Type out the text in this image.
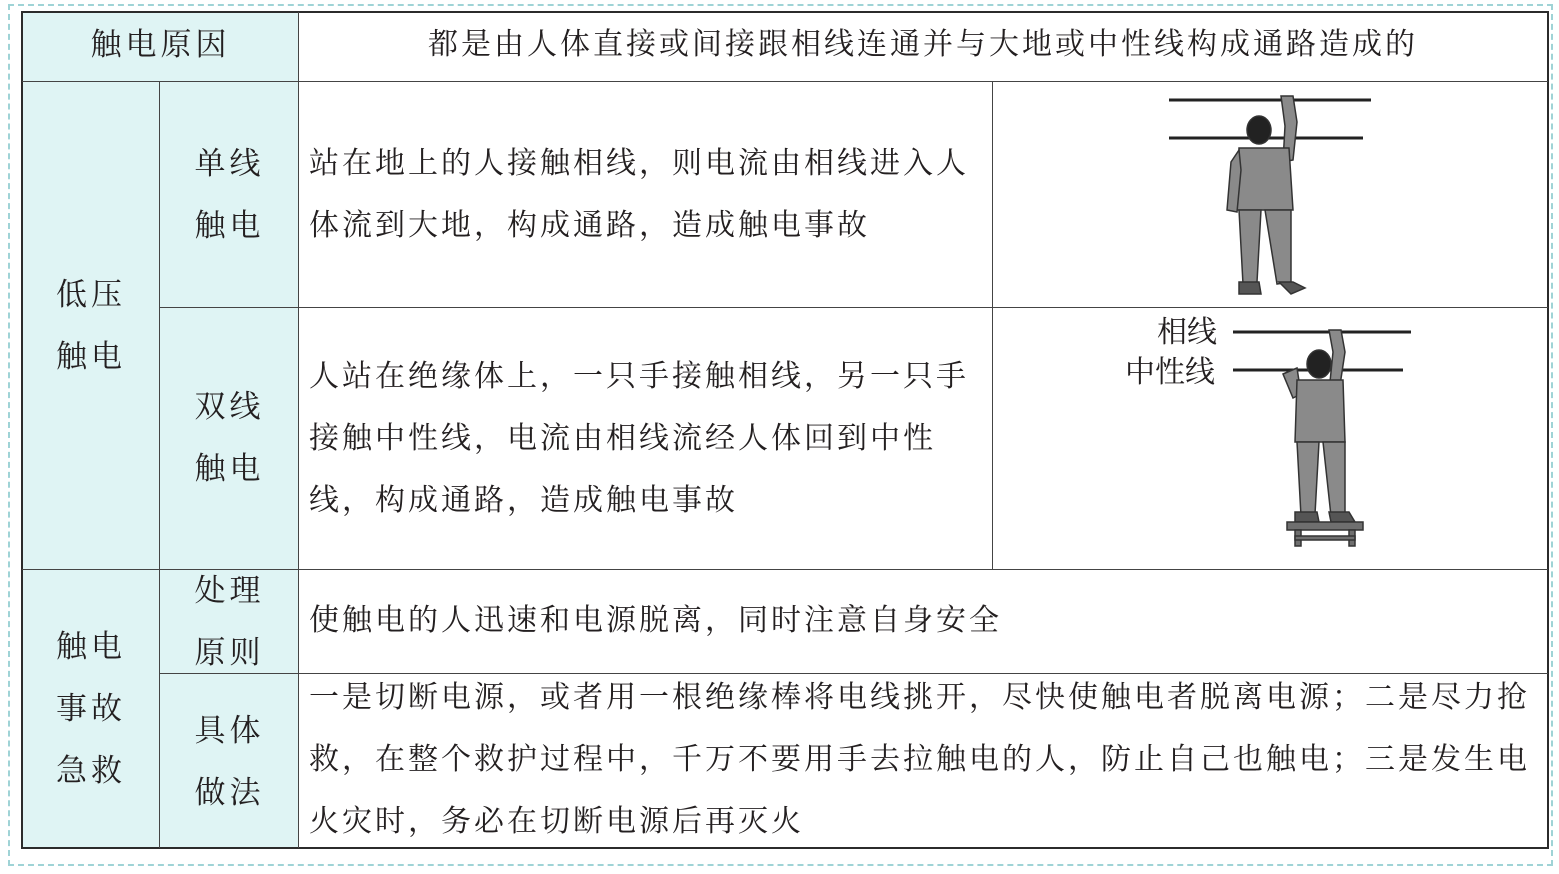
触电原因	都是由人体直接或间接跟相线连通并与大地或中性线构成通路造成的
低压
触电
单线
触电
站在地上的人接触相线，则电流由相线进入人体流到大地，构成通路，造成触电事故
双线
触电
人站在绝缘体上，一只手接触相线，另一只手接触中性线，电流由相线流经人体回到中性线，构成通路，造成触电事故
触电
事故
急救
处理
原则
使触电的人迅速和电源脱离，同时注意自身安全
具体
做法
一是切断电源，或者用一根绝缘棒将电线挑开，尽快使触电者脱离电源；二是尽力抢救，在整个救护过程中，千万不要用手去拉触电的人，防止自己也触电；三是发生电火灾时，务必在切断电源后再灭火
相线
中性线
